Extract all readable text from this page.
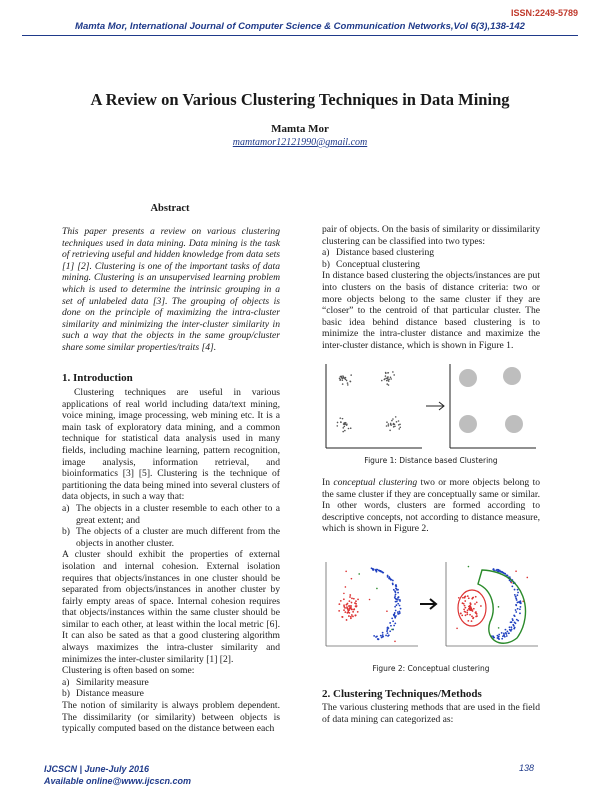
ISSN:2249-5789
Mamta Mor, International Journal of Computer Science & Communication Networks,Vol 6(3),138-142
A Review on Various Clustering Techniques in Data Mining
Mamta Mor
mamtamor12121990@gmail.com
Abstract
This paper presents a review on various clustering techniques used in data mining. Data mining is the task of retrieving useful and hidden knowledge from data sets [1] [2]. Clustering is one of the important tasks of data mining. Clustering is an unsupervised learning problem which is used to determine the intrinsic grouping in a set of unlabeled data [3]. The grouping of objects is done on the principle of maximizing the intra-cluster similarity and minimizing the inter-cluster similarity in such a way that the objects in the same group/cluster share some similar properties/traits [4].
1. Introduction

Clustering techniques are useful in various applications of real world including data/text mining, voice mining, image processing, web mining etc. It is a main task of exploratory data mining, and a common technique for statistical data analysis used in many fields, including machine learning, pattern recognition, image analysis, information retrieval, and bioinformatics [3] [5]. Clustering is the technique of partitioning the data being mined into several clusters of data objects, in such a way that:

a) The objects in a cluster resemble to each other to a great extent; and
b) The objects of a cluster are much different from the objects in another cluster.

A cluster should exhibit the properties of external isolation and internal cohesion. External isolation requires that objects/instances in one cluster should be separated from objects/instances in another cluster by fairly empty areas of space. Internal cohesion requires that objects/instances within the same cluster should be similar to each other, at least within the local metric [6]. It can also be sated as that a good clustering algorithm always maximizes the intra-cluster similarity and minimizes the inter-cluster similarity [1] [2].

Clustering is often based on some:

a) Similarity measure
b) Distance measure

The notion of similarity is always problem dependent. The dissimilarity (or similarity) between objects is typically computed based on the distance between each

pair of objects. On the basis of similarity or dissimilarity clustering can be classified into two types:

a) Distance based clustering
b) Conceptual clustering

In distance based clustering the objects/instances are put into clusters on the basis of distance criteria: two or more objects belong to the same cluster if they are “closer” to the centroid of that particular cluster. The basic idea behind distance based clustering is to minimize the intra-cluster distance and maximize the inter-cluster distance, which is shown in Figure 1.

Figure 1: Distance based Clustering

In conceptual clustering two or more objects belong to the same cluster if they are conceptually same or similar. In other words, clusters are formed according to descriptive concepts, not according to distance measure, which is shown in Figure 2.

Figure 2: Conceptual clustering
2. Clustering Techniques/Methods
The various clustering methods that are used in the field of data mining can categorized as:
IJCSCN | June-July 2016
Available online@www.ijcscn.com
138
